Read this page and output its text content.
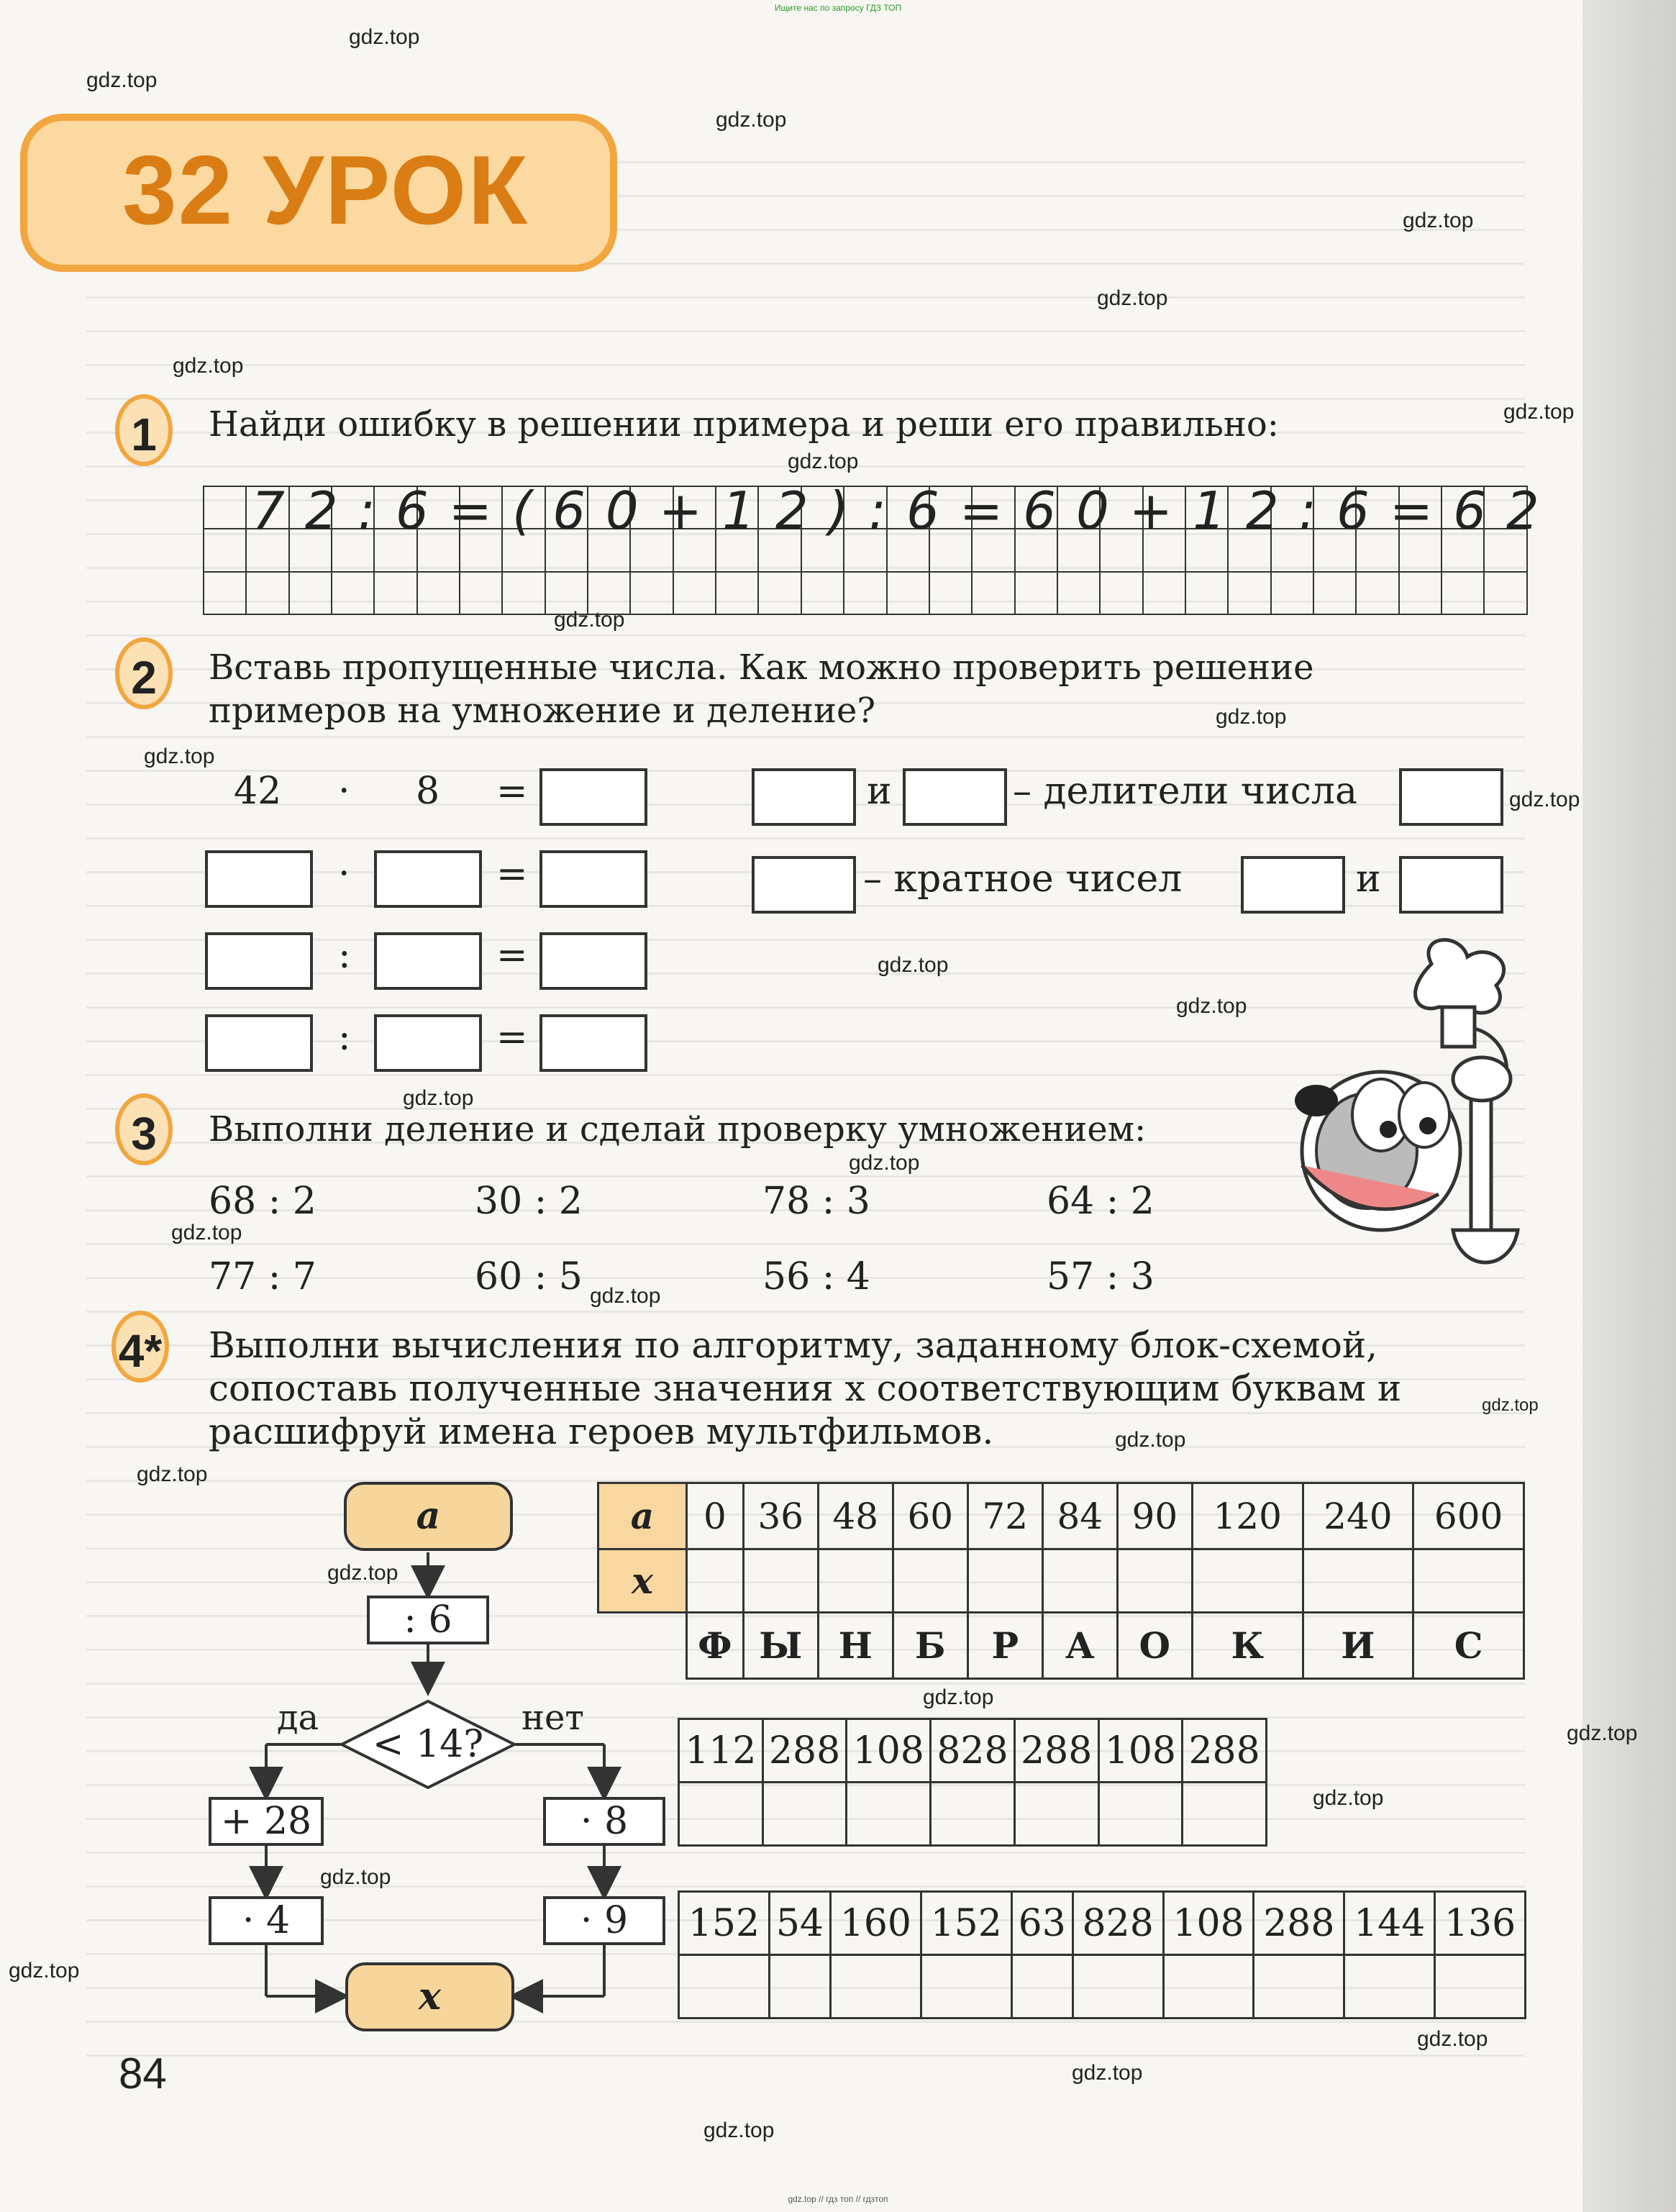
Ищите нас по запросу ГДЗ ТОП
32 УРОК
1	Найди ошибку в решении примера и реши его правильно:

72:6=(60+12):6=60+12:6=62
2	Вставь пропущенные числа. Как можно проверить решение
примеров на умножение и деление?
42 · 8 =
·	=
:	=
:	=
и	– делители числа
– кратное чисел	и
3	Выполни деление и сделай проверку умножением:
68 : 2	30 : 2	78 : 3	64 : 2
77 : 7	60 : 5	56 : 4	57 : 3
4* Выполни вычисления по алгоритму, заданному блок-схемой,
сопоставь полученные значения x соответствующим буквам и
расшифруй имена героев мультфильмов.
a
: 6
< 14?
да	нет
+ 28	· 8
· 4	· 9
x
a	0	36	48	60	72	84	90	120	240	600
x										
	Ф	Ы	Н	Б	Р	А	О	К	И	С
112	288	108	828	288	108	288

152	54	160	152	63	828	108	288	144	136

84
gdz.top
gdz.top
gdz.top
gdz.top
gdz.top
gdz.top
gdz.top
gdz.top
gdz.top
gdz.top
gdz.top
gdz.top
gdz.top
gdz.top
gdz.top
gdz.top
gdz.top
gdz.top
gdz.top
gdz.top
gdz.top
gdz.top
gdz.top
gdz.top
gdz.top
gdz.top
gdz.top
gdz.top
gdz.top
gdz.top
gdz.top // гдз топ // гдзтоп
